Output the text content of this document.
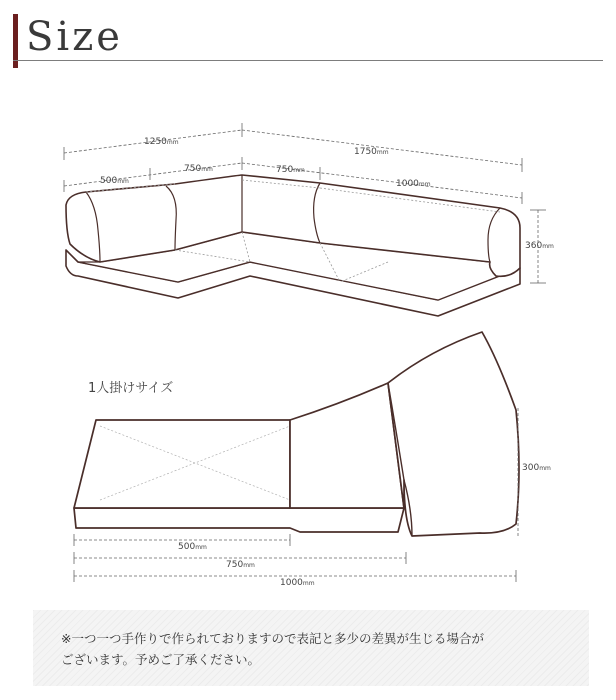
Size
1250mm
1750mm
500mm
750mm	750mm
1000mm
360mm
1人掛けサイズ
500mm
750mm
1000mm
300mm
※一つ一つ手作りで作られておりますので表記と多少の差異が生じる場合が
ございます。予めご了承ください。
